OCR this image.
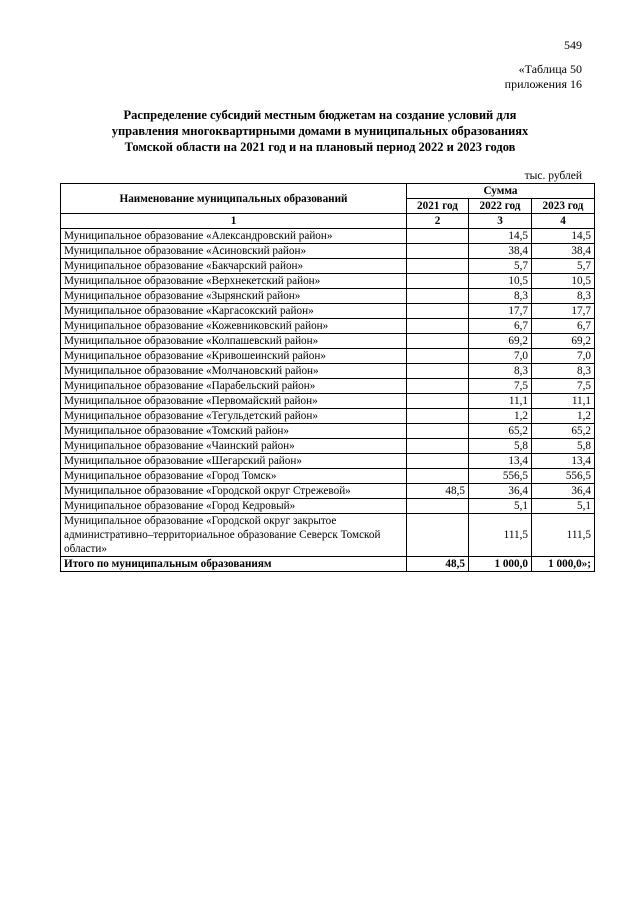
549
«Таблица 50
приложения 16
Распределение субсидий местным бюджетам на создание условий для
управления многоквартирными домами в муниципальных образованиях
Томской области на 2021 год и на плановый период 2022 и 2023 годов
тыс. рублей
Наименование муниципальных образований	Сумма		
	2021 год	2022 год	2023 год
1	2	3	4
Муниципальное образование «Александровский район»		14,5	14,5
Муниципальное образование «Асиновский район»		38,4	38,4
Муниципальное образование «Бакчарский район»		5,7	5,7
Муниципальное образование «Верхнекетский район»		10,5	10,5
Муниципальное образование «Зырянский район»		8,3	8,3
Муниципальное образование «Каргасокский район»		17,7	17,7
Муниципальное образование «Кожевниковский район»		6,7	6,7
Муниципальное образование «Колпашевский район»		69,2	69,2
Муниципальное образование «Кривошеинский район»		7,0	7,0
Муниципальное образование «Молчановский район»		8,3	8,3
Муниципальное образование «Парабельский район»		7,5	7,5
Муниципальное образование «Первомайский район»		11,1	11,1
Муниципальное образование «Тегульдетский район»		1,2	1,2
Муниципальное образование «Томский район»		65,2	65,2
Муниципальное образование «Чаинский район»		5,8	5,8
Муниципальное образование «Шегарский район»		13,4	13,4
Муниципальное образование «Город Томск»		556,5	556,5
Муниципальное образование «Городской округ Стрежевой»	48,5	36,4	36,4
Муниципальное образование «Город Кедровый»		5,1	5,1
Муниципальное образование «Городской округ закрытое административно–территориальное образование Северск Томской области»		111,5	111,5
Итого по муниципальным образованиям	48,5	1 000,0	1 000,0»;
